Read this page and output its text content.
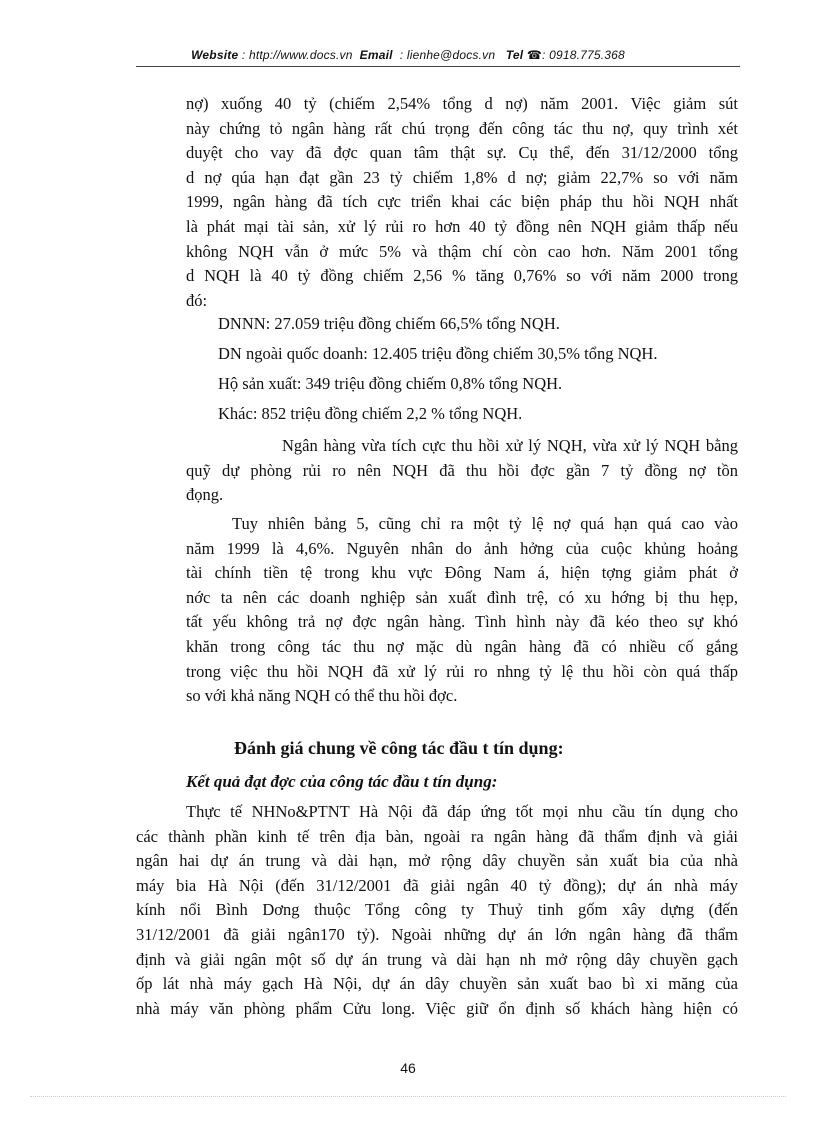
Website : http://www.docs.vn Email : lienhe@docs.vn Tel ☎: 0918.775.368
nợ) xuống 40 tỷ (chiếm 2,54% tổng d nợ) năm 2001. Việc giảm sút
này chứng tỏ ngân hàng rất chú trọng đến công tác thu nợ, quy trình xét
duyệt cho vay đã đợc quan tâm thật sự. Cụ thể, đến 31/12/2000 tổng
d nợ qúa hạn đạt gần 23 tỷ chiếm 1,8% d nợ; giảm 22,7% so với năm
1999, ngân hàng đã tích cực triển khai các biện pháp thu hồi NQH nhất
là phát mại tài sản, xử lý rủi ro hơn 40 tỷ đồng nên NQH giảm thấp nếu
không NQH vẫn ở mức 5% và thậm chí còn cao hơn. Năm 2001 tổng
d NQH là 40 tỷ đồng chiếm 2,56 % tăng 0,76% so với năm 2000 trong
đó:

DNNN: 27.059 triệu đồng chiếm 66,5% tổng NQH.

DN ngoài quốc doanh: 12.405 triệu đồng chiếm 30,5% tổng NQH.

Hộ sản xuất: 349 triệu đồng chiếm 0,8% tổng NQH.

Khác: 852 triệu đồng chiếm 2,2 % tổng NQH.

Ngân hàng vừa tích cực thu hồi xử lý NQH, vừa xử lý NQH bằng
quỹ dự phòng rủi ro nên NQH đã thu hồi đợc gần 7 tỷ đồng nợ tồn
đọng.
Tuy nhiên bảng 5, cũng chỉ ra một tỷ lệ nợ quá hạn quá cao vào
năm 1999 là 4,6%. Nguyên nhân do ảnh hởng của cuộc khủng hoảng
tài chính tiền tệ trong khu vực Đông Nam á, hiện tợng giảm phát ở
nớc ta nên các doanh nghiệp sản xuất đình trệ, có xu hớng bị thu hẹp,
tất yếu không trả nợ đợc ngân hàng. Tình hình này đã kéo theo sự khó
khăn trong công tác thu nợ mặc dù ngân hàng đã có nhiều cố gắng
trong việc thu hồi NQH đã xử lý rủi ro nhng tỷ lệ thu hồi còn quá thấp
so với khả năng NQH có thể thu hồi đợc.

Đánh giá chung về công tác đầu t tín dụng:

Kết quả đạt đợc của công tác đầu t tín dụng:

Thực tế NHNo&PTNT Hà Nội đã đáp ứng tốt mọi nhu cầu tín dụng cho
các thành phần kinh tế trên địa bàn, ngoài ra ngân hàng đã thẩm định và giải
ngân hai dự án trung và dài hạn, mở rộng dây chuyền sản xuất bia của nhà
máy bia Hà Nội (đến 31/12/2001 đã giải ngân 40 tỷ đồng); dự án nhà máy
kính nổi Bình Dơng thuộc Tổng công ty Thuỷ tinh gốm xây dựng (đến
31/12/2001 đã giải ngân170 tỷ). Ngoài những dự án lớn ngân hàng đã thẩm
định và giải ngân một số dự án trung và dài hạn nh mở rộng dây chuyền gạch
ốp lát nhà máy gạch Hà Nội, dự án dây chuyền sản xuất bao bì xi măng của
nhà máy văn phòng phẩm Cửu long. Việc giữ ổn định số khách hàng hiện có
46
